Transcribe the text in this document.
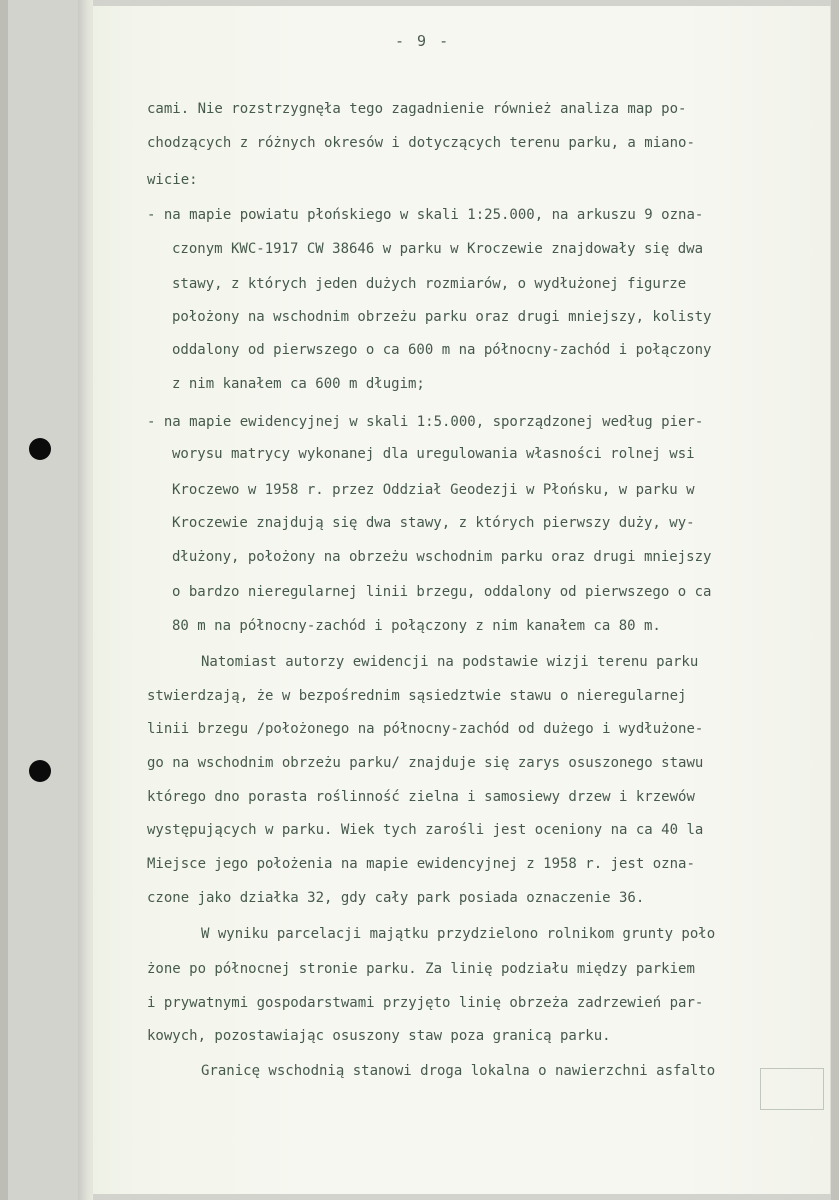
- 9 -
cami. Nie rozstrzygnęła tego zagadnienie również analiza map po-
chodzących z różnych okresów i dotyczących terenu parku, a miano-
wicie:
- na mapie powiatu płońskiego w skali 1:25.000, na arkuszu 9 ozna-
czonym KWC-1917 CW 38646 w parku w Kroczewie znajdowały się dwa
stawy, z których jeden dużych rozmiarów, o wydłużonej figurze
położony na wschodnim obrzeżu parku oraz drugi mniejszy, kolisty
oddalony od pierwszego o ca 600 m na północny-zachód i połączony
z nim kanałem ca 600 m długim;
- na mapie ewidencyjnej w skali 1:5.000, sporządzonej według pier-
worysu matrycy wykonanej dla uregulowania własności rolnej wsi
Kroczewo w 1958 r. przez Oddział Geodezji w Płońsku, w parku w
Kroczewie znajdują się dwa stawy, z których pierwszy duży, wy-
dłużony, położony na obrzeżu wschodnim parku oraz drugi mniejszy
o bardzo nieregularnej linii brzegu, oddalony od pierwszego o ca
80 m na północny-zachód i połączony z nim kanałem ca 80 m.
Natomiast autorzy ewidencji na podstawie wizji terenu parku
stwierdzają, że w bezpośrednim sąsiedztwie stawu o nieregularnej
linii brzegu /położonego na północny-zachód od dużego i wydłużone-
go na wschodnim obrzeżu parku/ znajduje się zarys osuszonego stawu
którego dno porasta roślinność zielna i samosiewy drzew i krzewów
występujących w parku. Wiek tych zarośli jest oceniony na ca 40 la
Miejsce jego położenia na mapie ewidencyjnej z 1958 r. jest ozna-
czone jako działka 32, gdy cały park posiada oznaczenie 36.
W wyniku parcelacji majątku przydzielono rolnikom grunty poło
żone po północnej stronie parku. Za linię podziału między parkiem
i prywatnymi gospodarstwami przyjęto linię obrzeża zadrzewień par-
kowych, pozostawiając osuszony staw poza granicą parku.
Granicę wschodnią stanowi droga lokalna o nawierzchni asfalto
